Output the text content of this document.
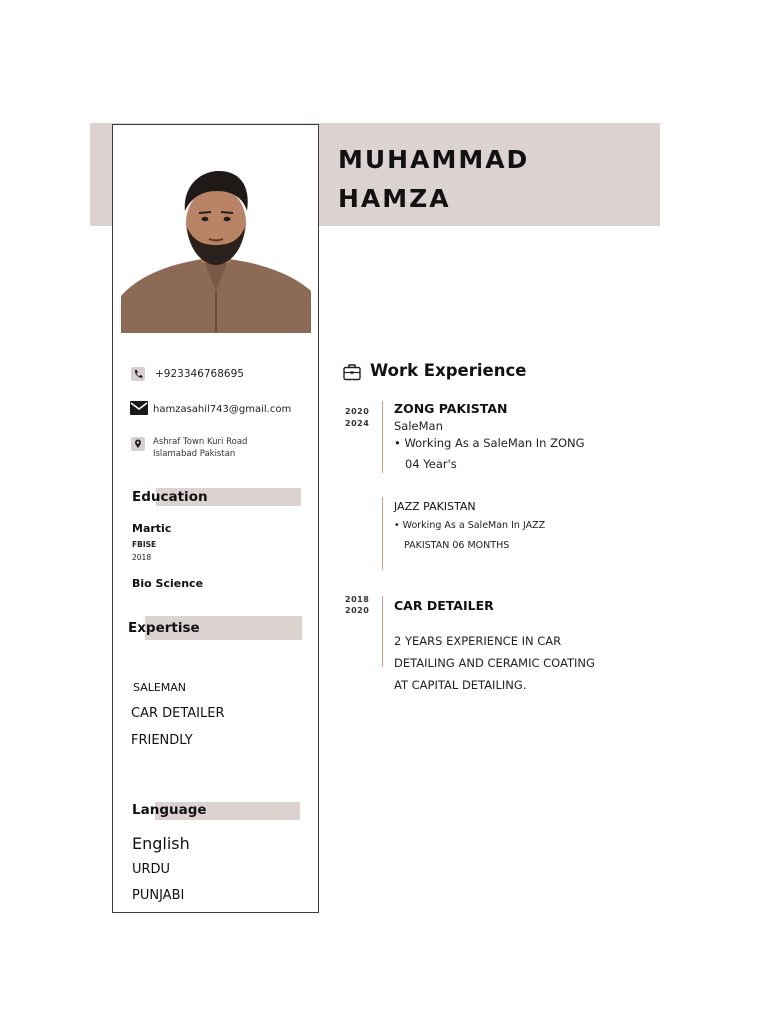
MUHAMMAD
HAMZA
+923346768695
hamzasahil743@gmail.com
Ashraf Town Kuri Road
Islamabad Pakistan
Education
Martic
FBISE
2018
Bio Science
Expertise
SALEMAN
CAR DETAILER
FRIENDLY
Language
English
URDU
PUNJABI
Work Experience
2020
2024
ZONG PAKISTAN
SaleMan
• Working As a SaleMan In ZONG
04 Year's
JAZZ PAKISTAN
• Working As a SaleMan In JAZZ
PAKISTAN 06 MONTHS
2018
2020 CAR DETAILER
2 YEARS EXPERIENCE IN CAR
DETAILING AND CERAMIC COATING
AT CAPITAL DETAILING.
